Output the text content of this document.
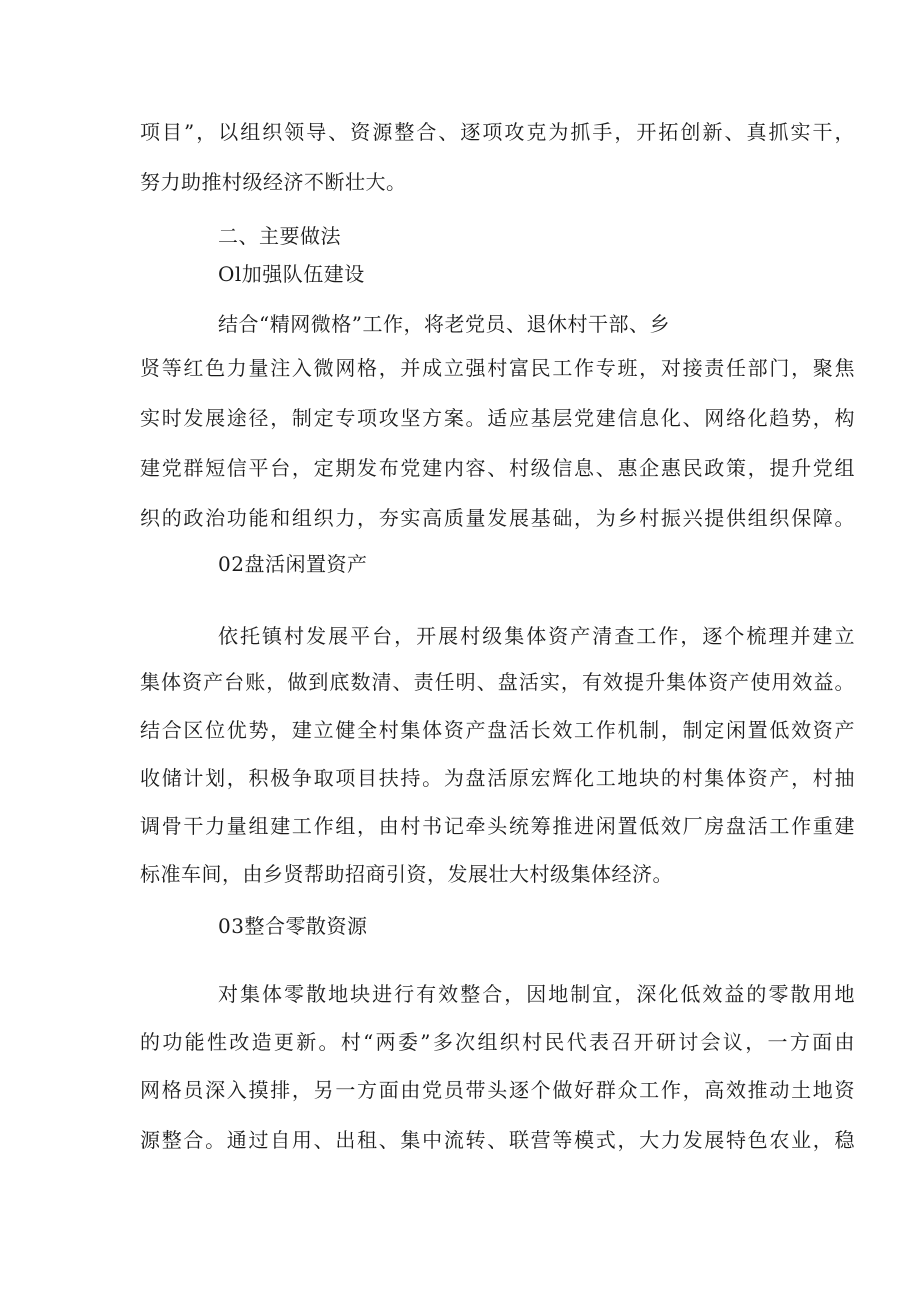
项目”，以组织领导、资源整合、逐项攻克为抓手，开拓创新、真抓实干，
努力助推村级经济不断壮大。
二、主要做法
Ol加强队伍建设
结合“精网微格”工作，将老党员、退休村干部、乡
贤等红色力量注入微网格，并成立强村富民工作专班，对接责任部门，聚焦
实时发展途径，制定专项攻坚方案。适应基层党建信息化、网络化趋势，构
建党群短信平台，定期发布党建内容、村级信息、惠企惠民政策，提升党组
织的政治功能和组织力，夯实高质量发展基础，为乡村振兴提供组织保障。
02盘活闲置资产
依托镇村发展平台，开展村级集体资产清查工作，逐个梳理并建立
集体资产台账，做到底数清、责任明、盘活实，有效提升集体资产使用效益。
结合区位优势，建立健全村集体资产盘活长效工作机制，制定闲置低效资产
收储计划，积极争取项目扶持。为盘活原宏辉化工地块的村集体资产，村抽
调骨干力量组建工作组，由村书记牵头统筹推进闲置低效厂房盘活工作重建
标准车间，由乡贤帮助招商引资，发展壮大村级集体经济。
03整合零散资源
对集体零散地块进行有效整合，因地制宜，深化低效益的零散用地
的功能性改造更新。村“两委”多次组织村民代表召开研讨会议，一方面由
网格员深入摸排，另一方面由党员带头逐个做好群众工作，高效推动土地资
源整合。通过自用、出租、集中流转、联营等模式，大力发展特色农业，稳
